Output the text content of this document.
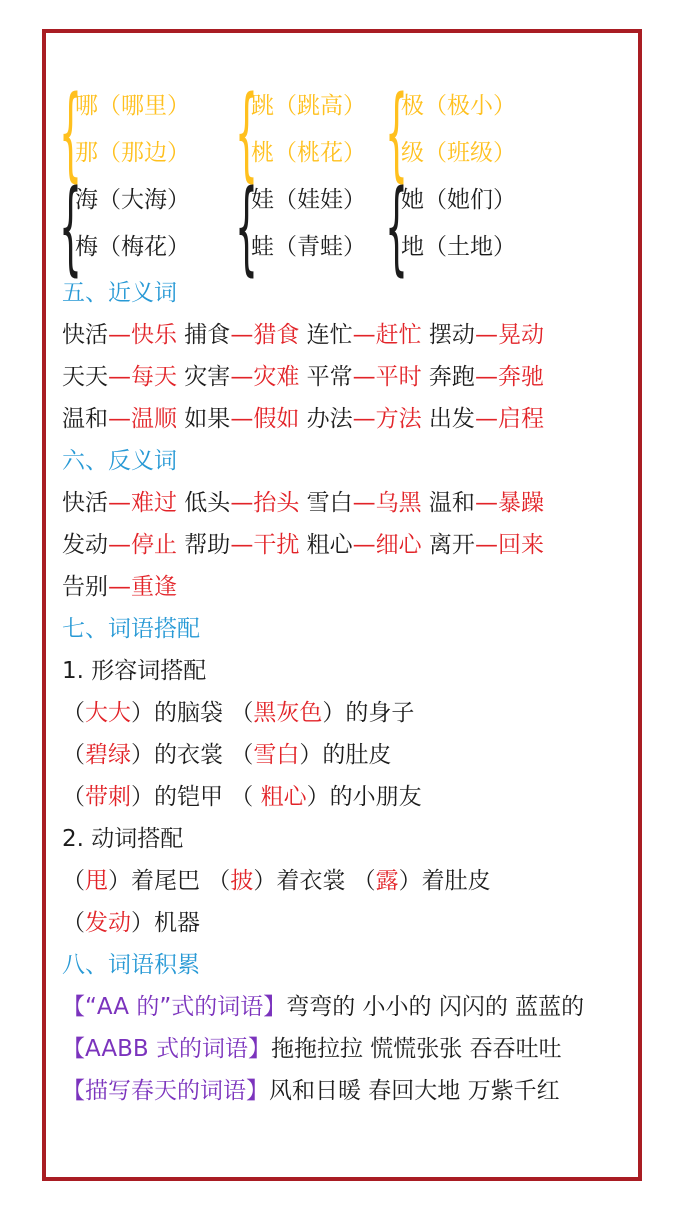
{
哪（哪里）
那（那边） {
跳（跳高）
桃（桃花） {
极（极小）
级（班级）
{
海（大海）
梅（梅花） {
娃（娃娃）
蛙（青蛙） {
她（她们）
地（土地）
五、近义词
快活—快乐 捕食—猎食 连忙—赶忙 摆动—晃动
天天—每天 灾害—灾难 平常—平时 奔跑—奔驰
温和—温顺 如果—假如 办法—方法 出发—启程
六、反义词
快活—难过 低头—抬头 雪白—乌黑 温和—暴躁
发动—停止 帮助—干扰 粗心—细心 离开—回来
告别—重逢
七、词语搭配
1. 形容词搭配
（大大）的脑袋 （黑灰色）的身子
（碧绿）的衣裳 （雪白）的肚皮
（带刺）的铠甲 （ 粗心）的小朋友
2. 动词搭配
（甩）着尾巴 （披）着衣裳 （露）着肚皮
（发动）机器
八、词语积累
【“AA 的”式的词语】弯弯的 小小的 闪闪的 蓝蓝的
【AABB 式的词语】拖拖拉拉 慌慌张张 吞吞吐吐
【描写春天的词语】风和日暖 春回大地 万紫千红
